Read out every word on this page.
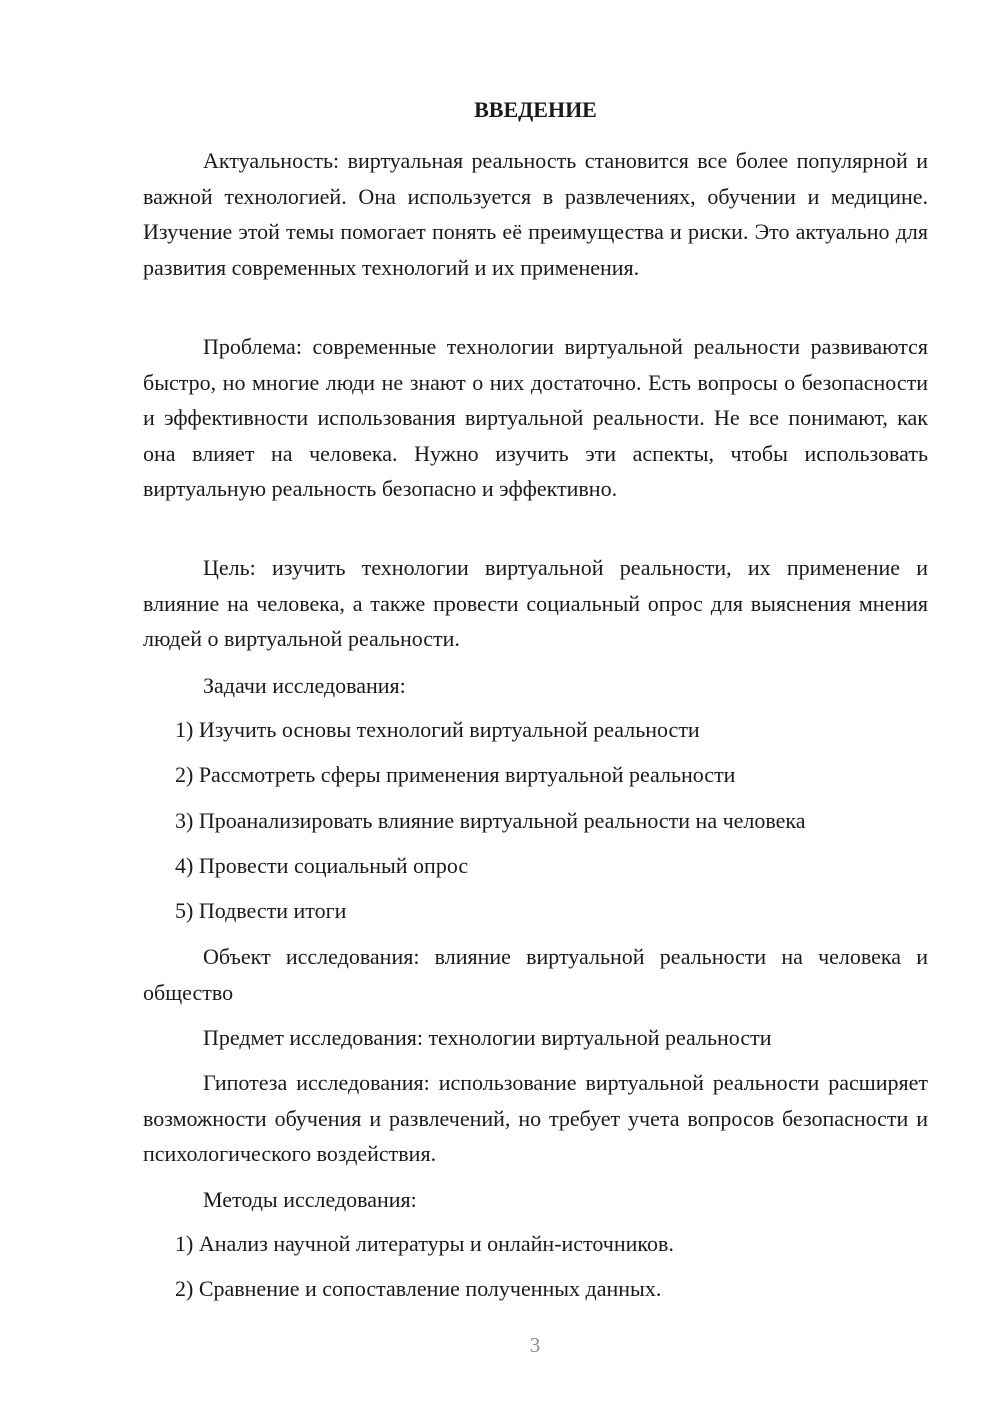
ВВЕДЕНИЕ

Актуальность: виртуальная реальность становится все более популярной и важной технологией. Она используется в развлечениях, обучении и медицине. Изучение этой темы помогает понять её преимущества и риски. Это актуально для развития современных технологий и их применения.

Проблема: современные технологии виртуальной реальности развиваются быстро, но многие люди не знают о них достаточно. Есть вопросы о безопасности и эффективности использования виртуальной реальности. Не все понимают, как она влияет на человека. Нужно изучить эти аспекты, чтобы использовать виртуальную реальность безопасно и эффективно.

Цель: изучить технологии виртуальной реальности, их применение и влияние на человека, а также провести социальный опрос для выяснения мнения людей о виртуальной реальности.

Задачи исследования:

1) Изучить основы технологий виртуальной реальности

2) Рассмотреть сферы применения виртуальной реальности

3) Проанализировать влияние виртуальной реальности на человека

4) Провести социальный опрос

5) Подвести итоги

Объект исследования: влияние виртуальной реальности на человека и общество

Предмет исследования: технологии виртуальной реальности

Гипотеза исследования: использование виртуальной реальности расширяет возможности обучения и развлечений, но требует учета вопросов безопасности и психологического воздействия.

Методы исследования:

1) Анализ научной литературы и онлайн-источников.

2) Сравнение и сопоставление полученных данных.

3
